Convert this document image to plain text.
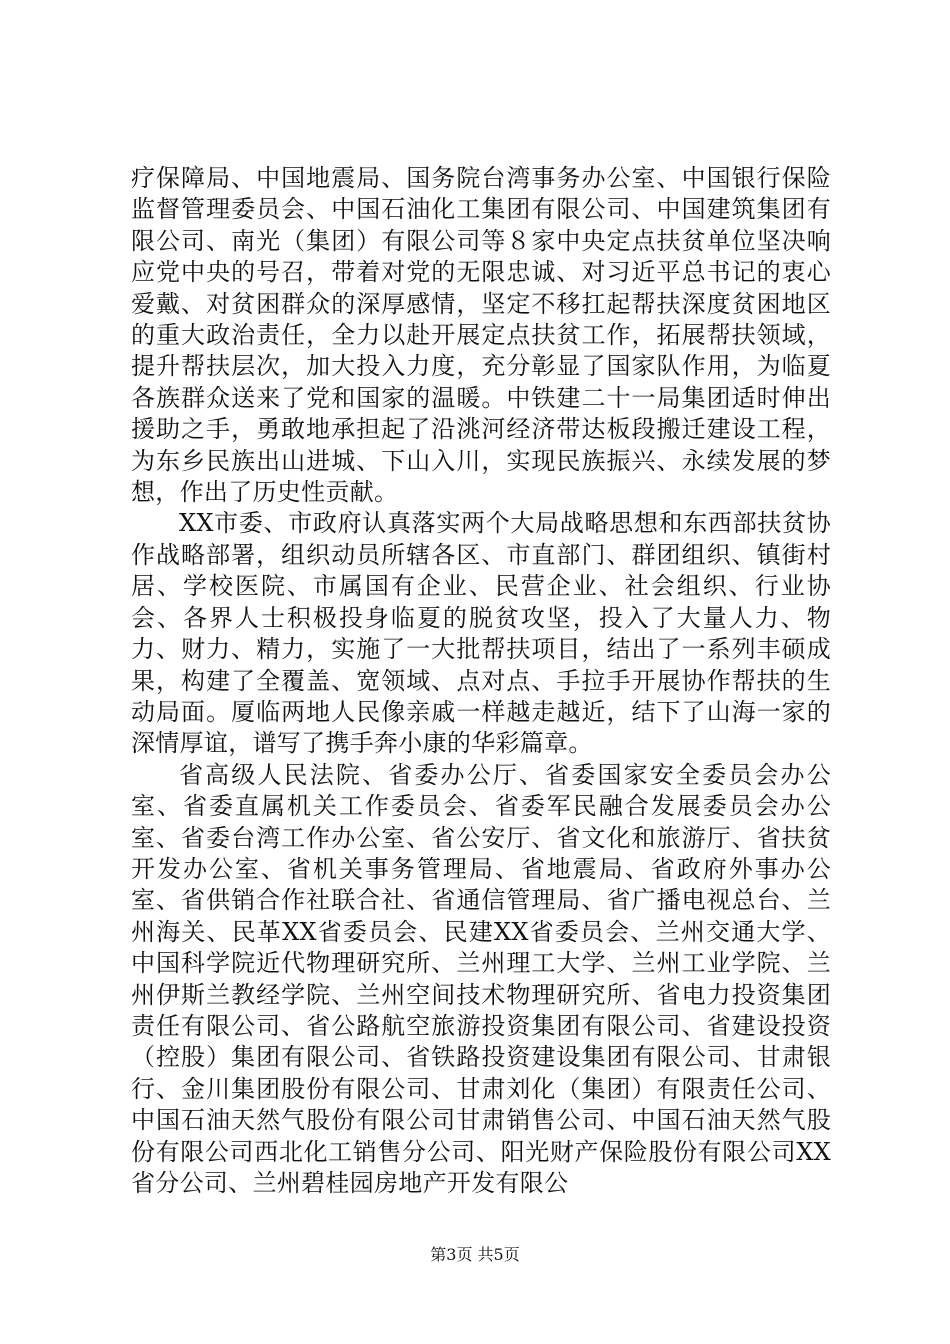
疗保障局、中国地震局、国务院台湾事务办公室、中国银行保险监督管理委员会、中国石油化工集团有限公司、中国建筑集团有限公司、南光（集团）有限公司等８家中央定点扶贫单位坚决响应党中央的号召，带着对党的无限忠诚、对习近平总书记的衷心爱戴、对贫困群众的深厚感情，坚定不移扛起帮扶深度贫困地区的重大政治责任，全力以赴开展定点扶贫工作，拓展帮扶领域，提升帮扶层次，加大投入力度，充分彰显了国家队作用，为临夏各族群众送来了党和国家的温暖。中铁建二十一局集团适时伸出援助之手，勇敢地承担起了沿洮河经济带达板段搬迁建设工程，为东乡民族出山进城、下山入川，实现民族振兴、永续发展的梦想，作出了历史性贡献。

XX市委、市政府认真落实两个大局战略思想和东西部扶贫协作战略部署，组织动员所辖各区、市直部门、群团组织、镇街村居、学校医院、市属国有企业、民营企业、社会组织、行业协会、各界人士积极投身临夏的脱贫攻坚，投入了大量人力、物力、财力、精力，实施了一大批帮扶项目，结出了一系列丰硕成果，构建了全覆盖、宽领域、点对点、手拉手开展协作帮扶的生动局面。厦临两地人民像亲戚一样越走越近，结下了山海一家的深情厚谊，谱写了携手奔小康的华彩篇章。

省高级人民法院、省委办公厅、省委国家安全委员会办公室、省委直属机关工作委员会、省委军民融合发展委员会办公室、省委台湾工作办公室、省公安厅、省文化和旅游厅、省扶贫开发办公室、省机关事务管理局、省地震局、省政府外事办公室、省供销合作社联合社、省通信管理局、省广播电视总台、兰州海关、民革XX省委员会、民建XX省委员会、兰州交通大学、中国科学院近代物理研究所、兰州理工大学、兰州工业学院、兰州伊斯兰教经学院、兰州空间技术物理研究所、省电力投资集团责任有限公司、省公路航空旅游投资集团有限公司、省建设投资（控股）集团有限公司、省铁路投资建设集团有限公司、甘肃银行、金川集团股份有限公司、甘肃刘化（集团）有限责任公司、中国石油天然气股份有限公司甘肃销售公司、中国石油天然气股份有限公司西北化工销售分公司、阳光财产保险股份有限公司XX省分公司、兰州碧桂园房地产开发有限公

第3页 共5页
